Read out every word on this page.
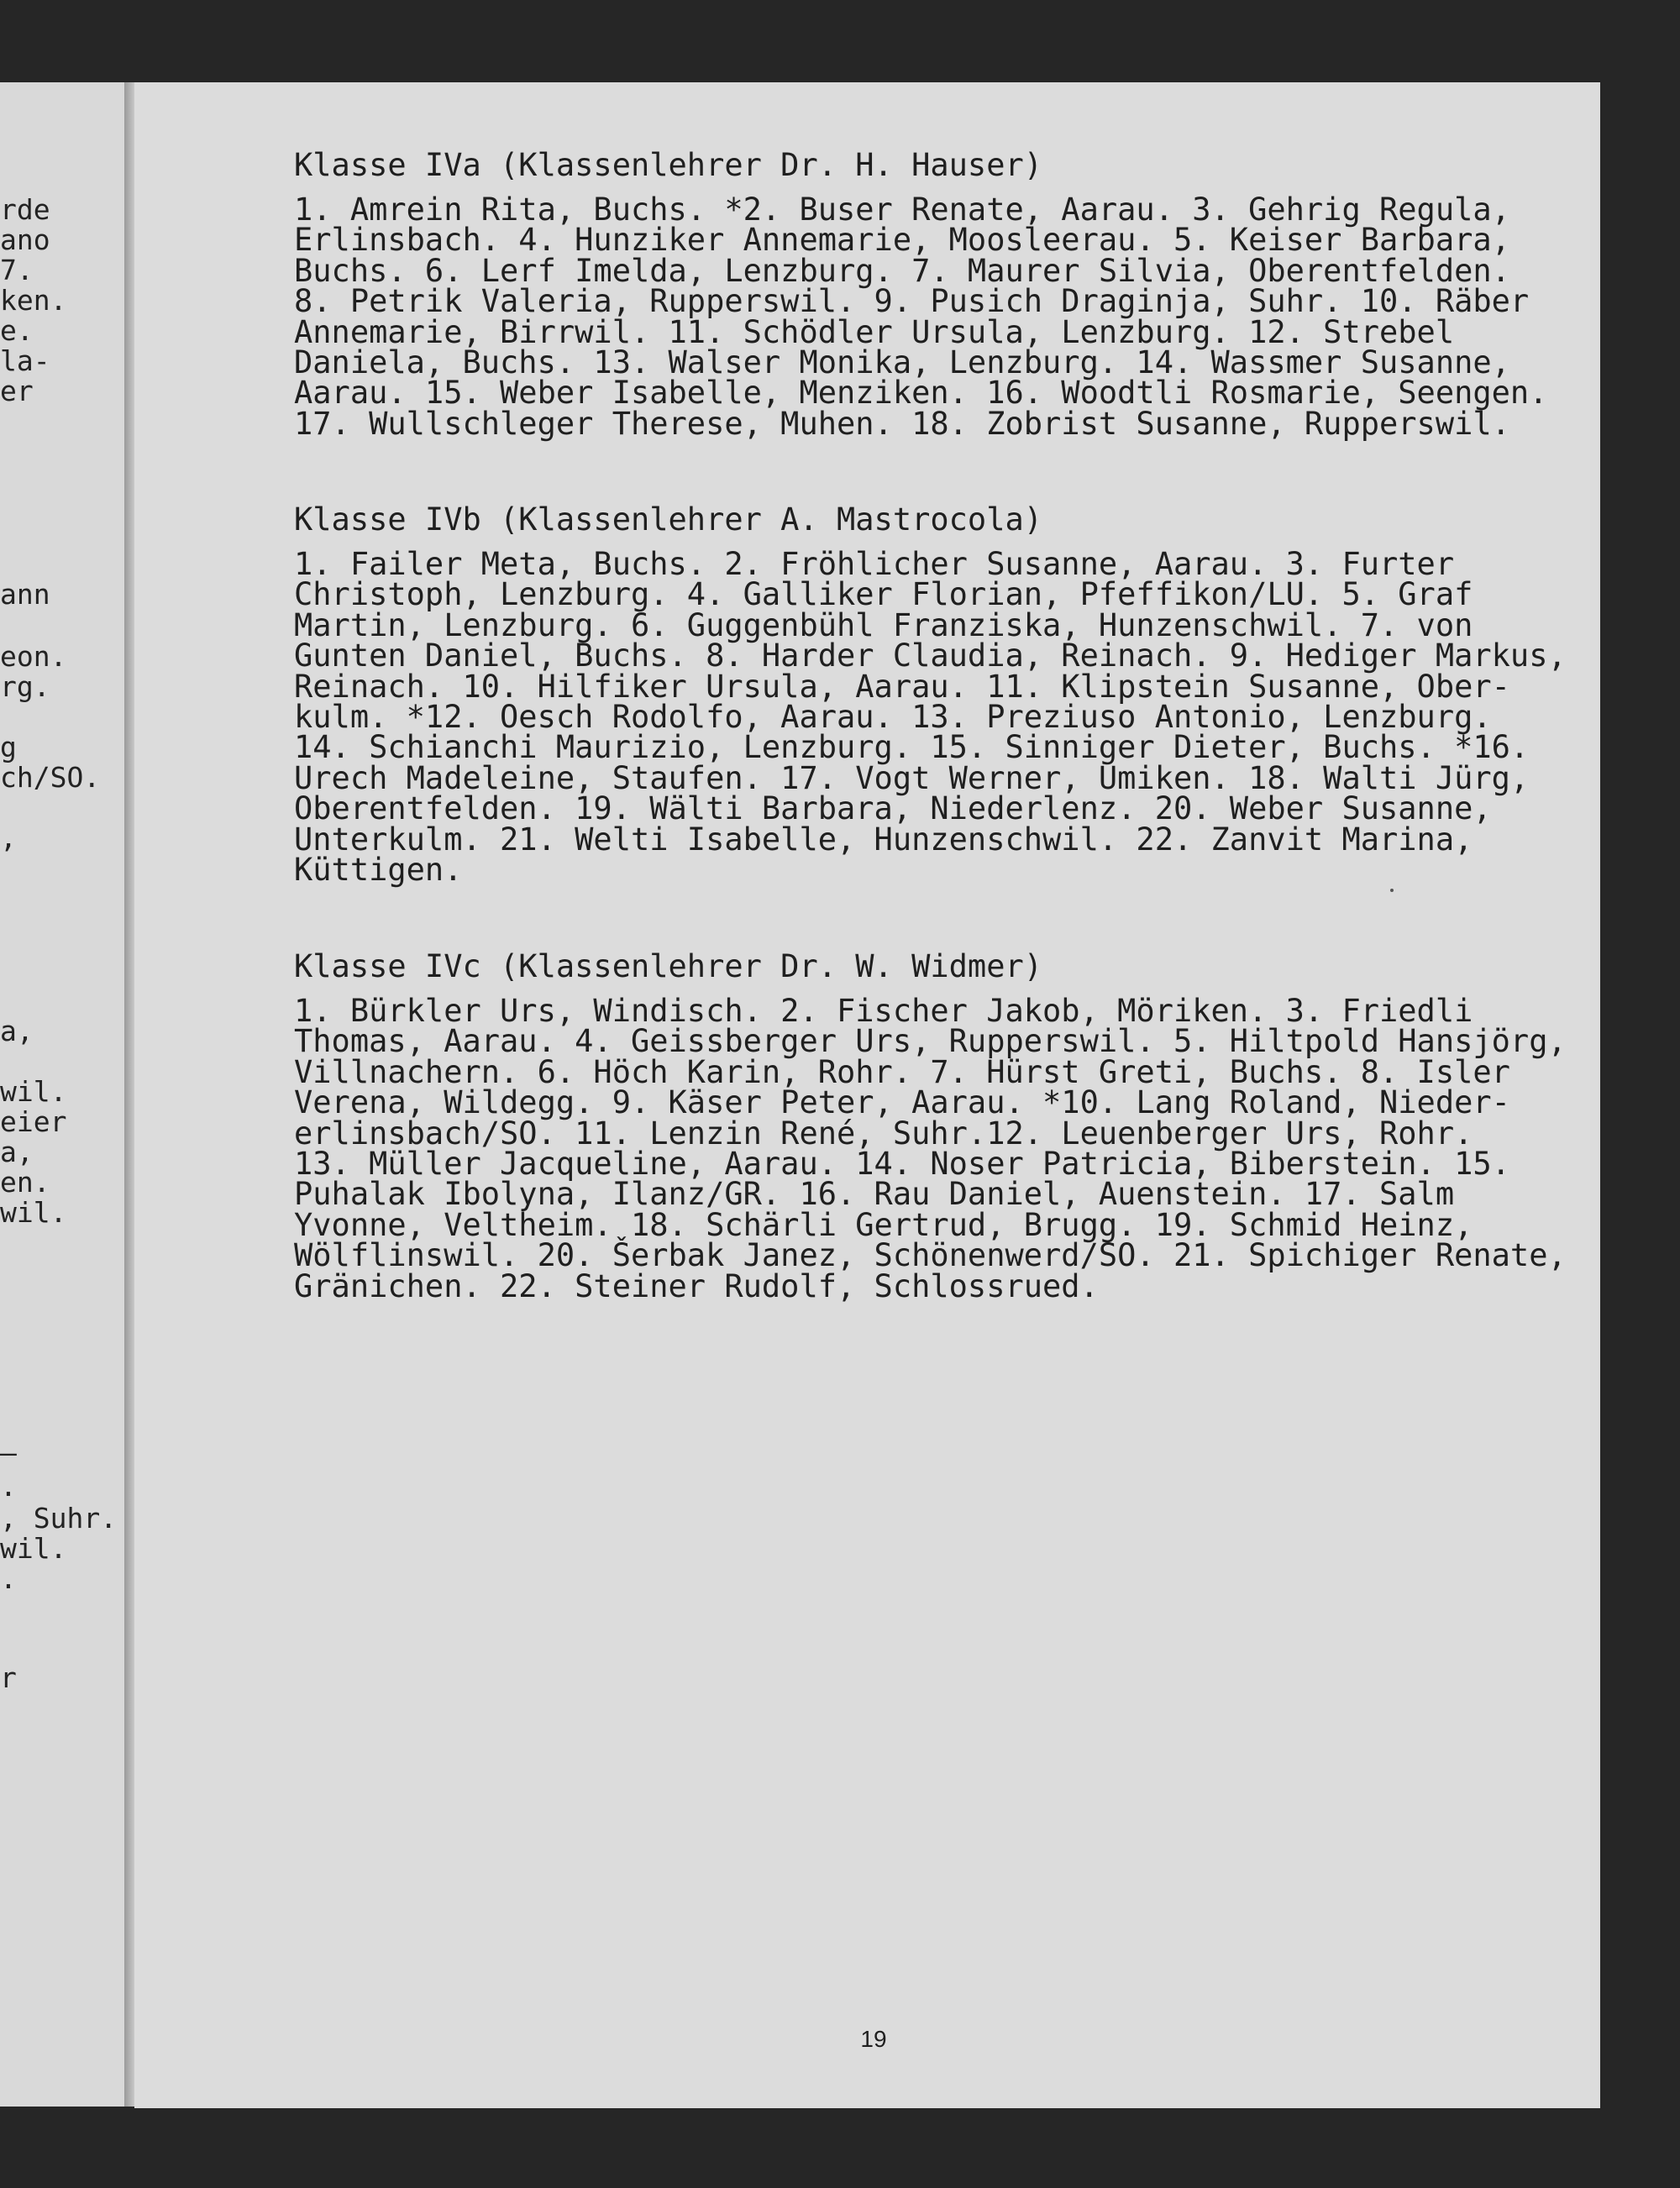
rde
ano
7.
ken.
e.
la-
er
ann
eon.
rg.
g
ch/SO.
,
a,
wil.
eier
a,
en.
wil.
–
.
, Suhr.
wil.
.
r

Klasse IVa (Klassenlehrer Dr. H. Hauser)

1. Amrein Rita, Buchs. *2. Buser Renate, Aarau. 3. Gehrig Regula,

Erlinsbach. 4. Hunziker Annemarie, Moosleerau. 5. Keiser Barbara,

Buchs. 6. Lerf Imelda, Lenzburg. 7. Maurer Silvia, Oberentfelden.

8. Petrik Valeria, Rupperswil. 9. Pusich Draginja, Suhr. 10. Räber

Annemarie, Birrwil. 11. Schödler Ursula, Lenzburg. 12. Strebel

Daniela, Buchs. 13. Walser Monika, Lenzburg. 14. Wassmer Susanne,

Aarau. 15. Weber Isabelle, Menziken. 16. Woodtli Rosmarie, Seengen.

17. Wullschleger Therese, Muhen. 18. Zobrist Susanne, Rupperswil.

Klasse IVb (Klassenlehrer A. Mastrocola)

1. Failer Meta, Buchs. 2. Fröhlicher Susanne, Aarau. 3. Furter

Christoph, Lenzburg. 4. Galliker Florian, Pfeffikon/LU. 5. Graf

Martin, Lenzburg. 6. Guggenbühl Franziska, Hunzenschwil. 7. von

Gunten Daniel, Buchs. 8. Harder Claudia, Reinach. 9. Hediger Markus,

Reinach. 10. Hilfiker Ursula, Aarau. 11. Klipstein Susanne, Ober-

kulm. *12. Oesch Rodolfo, Aarau. 13. Preziuso Antonio, Lenzburg.

14. Schianchi Maurizio, Lenzburg. 15. Sinniger Dieter, Buchs. *16.

Urech Madeleine, Staufen. 17. Vogt Werner, Umiken. 18. Walti Jürg,

Oberentfelden. 19. Wälti Barbara, Niederlenz. 20. Weber Susanne,

Unterkulm. 21. Welti Isabelle, Hunzenschwil. 22. Zanvit Marina,

Küttigen.

Klasse IVc (Klassenlehrer Dr. W. Widmer)

1. Bürkler Urs, Windisch. 2. Fischer Jakob, Möriken. 3. Friedli

Thomas, Aarau. 4. Geissberger Urs, Rupperswil. 5. Hiltpold Hansjörg,

Villnachern. 6. Höch Karin, Rohr. 7. Hürst Greti, Buchs. 8. Isler

Verena, Wildegg. 9. Käser Peter, Aarau. *10. Lang Roland, Nieder-

erlinsbach/SO. 11. Lenzin René, Suhr.12. Leuenberger Urs, Rohr.

13. Müller Jacqueline, Aarau. 14. Noser Patricia, Biberstein. 15.

Puhalak Ibolyna, Ilanz/GR. 16. Rau Daniel, Auenstein. 17. Salm

Yvonne, Veltheim. 18. Schärli Gertrud, Brugg. 19. Schmid Heinz,

Wölflinswil. 20. Šerbak Janez, Schönenwerd/SO. 21. Spichiger Renate,

Gränichen. 22. Steiner Rudolf, Schlossrued.

19
